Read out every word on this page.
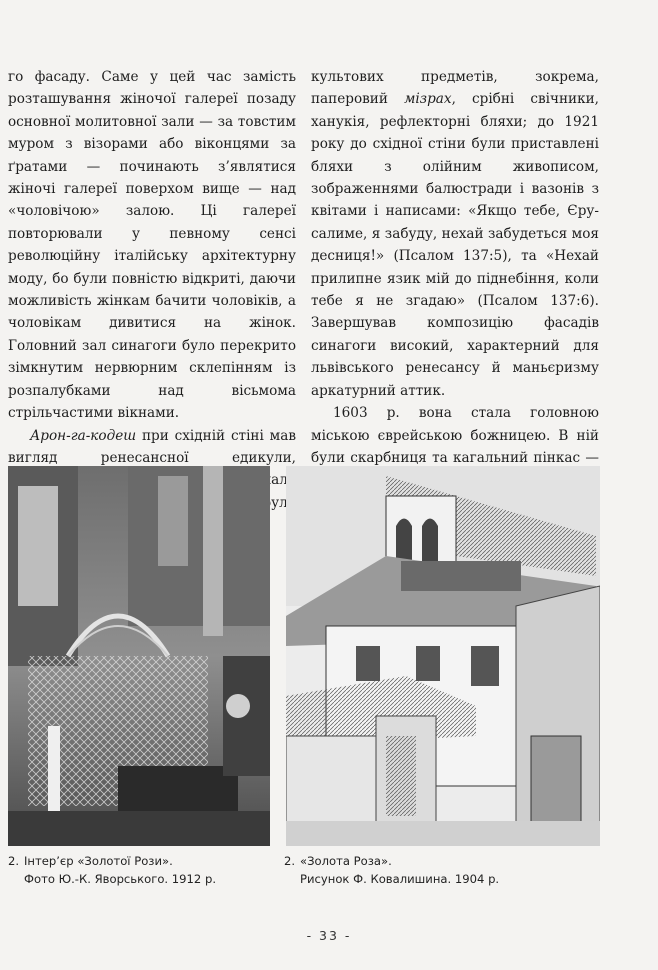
го фасаду. Саме у цей час замість розташування жіночої галереї позаду основної молитовної зали — за товстим муром з візорами або віконцями за ґратами — починають з’являтися жіночі галереї поверхом вище — над «чоловічою» залою. Ці галереї повторювали у певному сенсі революційну італійську архітектурну моду, бо були повністю відкриті, даючи можливість жінкам бачити чоловіків, а чоловікам дивитися на жінок. Головний зал синагоги було перекрито зімкнутим нервюрним склепінням із розпалубками над віcьмома стрільчастими вікнами.

Арон-га-кодеш при східній стіні мав вигляд ренесансної едикули, мала було

культових предметів, зокрема, паперовий мізрах, срібні свічники, ханукія, рефлекторні бляхи; до 1921 року до східної стіни були приставлені бляхи з олійним живописом, зображеннями балюстради і вазонів з квітами і написами: «Якщо тебе, Єрусалиме, я забуду, нехай забудеться моя десниця!» (Псалом 137:5), та «Нехай прилипне язик мій до піднебіння, коли тебе я не згадаю» (Псалом 137:6). Завершував композицію фасадів синагоги високий, характерний для львівського ренесансу й маньєризму аркатурний аттик.

1603 р. вона стала головною міською єврейською божницею. В ній були скарбниця та кагальний пінкас —

2. Інтер’єр «Золотої Рози».
Фото Ю.-К. Яворського. 1912 р.
2. «Золота Роза».
Рисунок Ф. Ковалишина. 1904 р.
- 33 -
